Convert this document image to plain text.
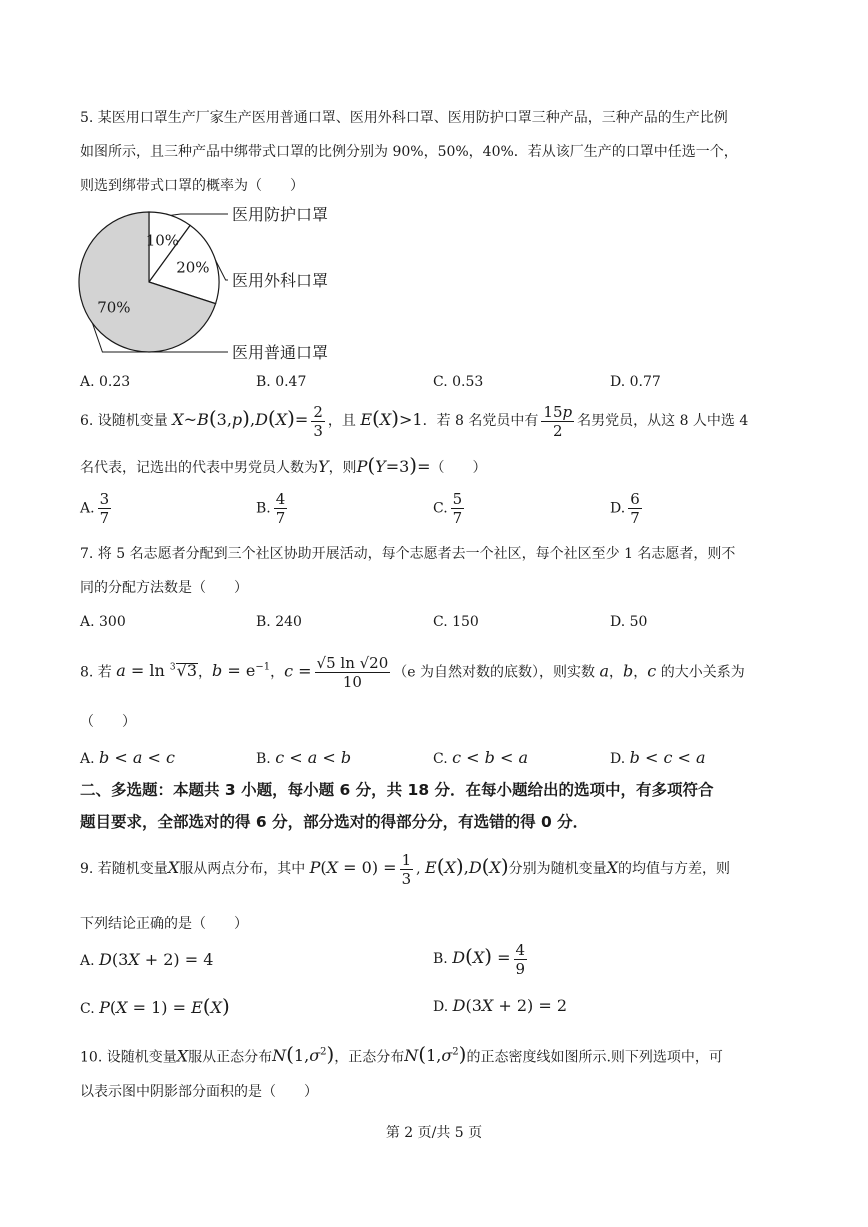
5. 某医用口罩生产厂家生产医用普通口罩、医用外科口罩、医用防护口罩三种产品，三种产品的生产比例
如图所示，且三种产品中绑带式口罩的比例分别为 90%，50%，40%．若从该厂生产的口罩中任选一个，
则选到绑带式口罩的概率为（　　）
10%
20%
70%
医用防护口罩
医用外科口罩
医用普通口罩
A. 0.23	B. 0.47	C. 0.53	D. 0.77
6. 设随机变量 X~B(3,p),D(X)= $\frac{2}{3}$ ，且 E(X)>1．若 8 名党员中有 $\frac{15p}{2}$ 名男党员，从这 8 人中选 4
名代表，记选出的代表中男党员人数为Y，则P(Y=3)=（　　）
A. $\frac{3}{7}$	B. $\frac{4}{7}$	C. $\frac{5}{7}$	D. $\frac{6}{7}$
7. 将 5 名志愿者分配到三个社区协助开展活动，每个志愿者去一个社区，每个社区至少 1 名志愿者，则不
同的分配方法数是（　　）
A. 300	B. 240	C. 150	D. 50
8. 若 a = ln $^3$√3，$b = e^{-1}$，$c = \frac{√5 \ln √20}{10} (e$ 为自然对数的底数），则实数 a，b，c 的大小关系为
（　　）
A. b < a < c	B. c < a < b	C. c < b < a	D. b < c < a
二、多选题：本题共 3 小题，每小题 6 分，共 18 分．在每小题给出的选项中，有多项符合
题目要求，全部选对的得 6 分，部分选对的得部分分，有选错的得 0 分．
9. 若随机变量X服从两点分布，其中 $P(X = 0) = \frac{1}{3}$ , E(X),D(X)分别为随机变量X的均值与方差，则
下列结论正确的是（　　）
A. D(3X + 2) = 4	B. $D(X) = \frac{4}{9}$
C. P(X = 1) = E(X)	D. D(3X + 2) = 2
10. 设随机变量X服从正态分布$N(1,\sigma^2)$，正态分布$N(1,\sigma^2)$的正态密度线如图所示.则下列选项中，可
以表示图中阴影部分面积的是（　　）
第 2 页/共 5 页
